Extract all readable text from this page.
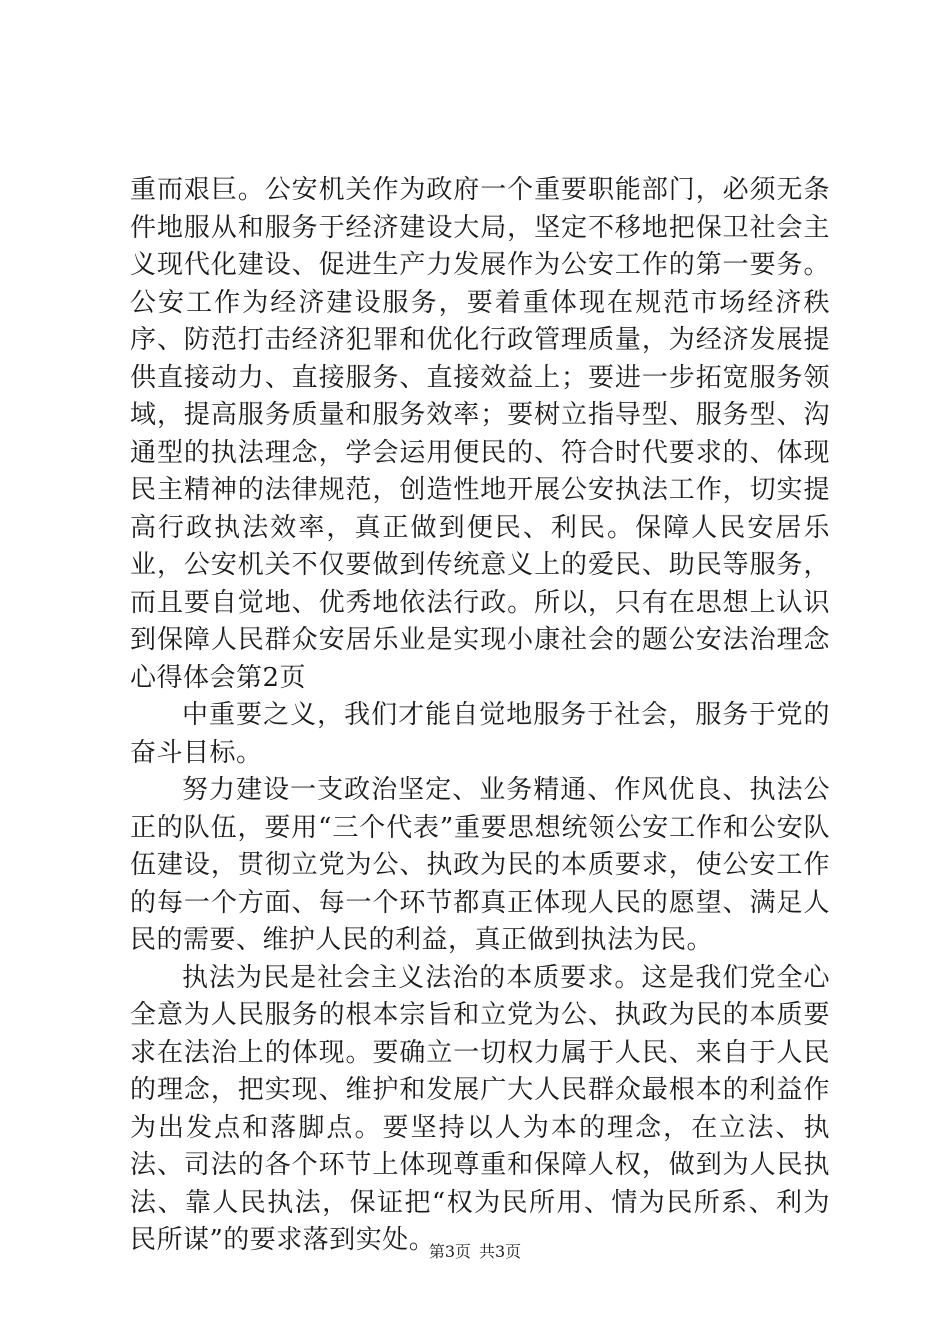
重而艰巨。公安机关作为政府一个重要职能部门，必须无条件地服从和服务于经济建设大局，坚定不移地把保卫社会主义现代化建设、促进生产力发展作为公安工作的第一要务。公安工作为经济建设服务，要着重体现在规范市场经济秩序、防范打击经济犯罪和优化行政管理质量，为经济发展提供直接动力、直接服务、直接效益上；要进一步拓宽服务领域，提高服务质量和服务效率；要树立指导型、服务型、沟通型的执法理念，学会运用便民的、符合时代要求的、体现民主精神的法律规范，创造性地开展公安执法工作，切实提高行政执法效率，真正做到便民、利民。保障人民安居乐业，公安机关不仅要做到传统意义上的爱民、助民等服务，而且要自觉地、优秀地依法行政。所以，只有在思想上认识到保障人民群众安居乐业是实现小康社会的题公安法治理念心得体会第2页

中重要之义，我们才能自觉地服务于社会，服务于党的奋斗目标。

努力建设一支政治坚定、业务精通、作风优良、执法公正的队伍，要用“三个代表”重要思想统领公安工作和公安队伍建设，贯彻立党为公、执政为民的本质要求，使公安工作的每一个方面、每一个环节都真正体现人民的愿望、满足人民的需要、维护人民的利益，真正做到执法为民。

执法为民是社会主义法治的本质要求。这是我们党全心全意为人民服务的根本宗旨和立党为公、执政为民的本质要求在法治上的体现。要确立一切权力属于人民、来自于人民的理念，把实现、维护和发展广大人民群众最根本的利益作为出发点和落脚点。要坚持以人为本的理念，在立法、执法、司法的各个环节上体现尊重和保障人权，做到为人民执法、靠人民执法，保证把“权为民所用、情为民所系、利为民所谋”的要求落到实处。

第3页 共3页
